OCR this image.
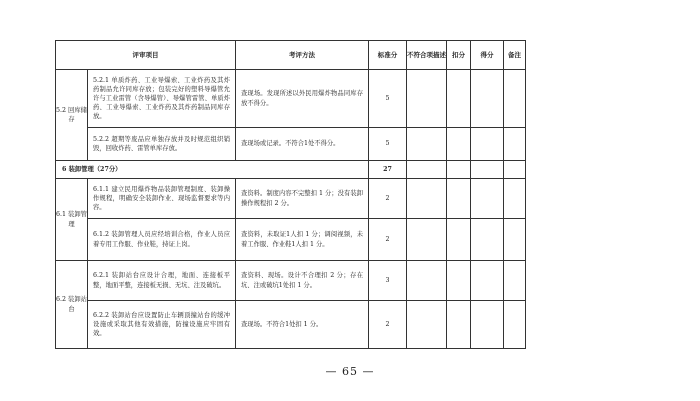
评审项目		考评方法	标准分	不符合项描述	扣分	得分	备注
5.2 回库储存	5.2.1 单质炸药、工业导爆索、工业炸药及其炸药制品允许同库存放；包装完好的塑料导爆管允许与工业雷管（含导爆管）、导爆管雷管、单质炸药、工业导爆索、工业炸药及其炸药制品同库存放。	查现场。发现所述以外民用爆炸物品同库存放不得分。	5				
	5.2.2 超期等废品应单独存放并及时规范组织销毁，回收炸药、雷管单库存放。	查现场或记录。不符合1处不得分。	5				
6 装卸管理（27分）			27				
6.1 装卸管理	6.1.1 建立民用爆炸物品装卸管理制度、装卸操作规程，明确安全装卸作业、现场监督要求等内容。	查资料。制度内容不完整扣 1 分；没有装卸操作规程扣 2 分。	2				
	6.1.2 装卸管理人员应经培训合格，作业人员应着专用工作服、作业鞋，持证上岗。	查资料，未取证1人扣 1 分；调阅视频，未着工作服、作业鞋1人扣 1 分。	2				
6.2 装卸站台	6.2.1 装卸站台应设计合理，地面、连接板平整，地面平整，连接板无损、无坑、注及破坑。	查资料、现场。设计不合理扣 2 分；存在坑、注或破坑1处扣 1 分。	3				
	6.2.2 装卸站台应设置防止车辆顶撞站台的缓冲设施或采取其他有效措施，防撞设施应牢固有效。	查现场。不符合1处扣 1 分。	2				
— 65 —
